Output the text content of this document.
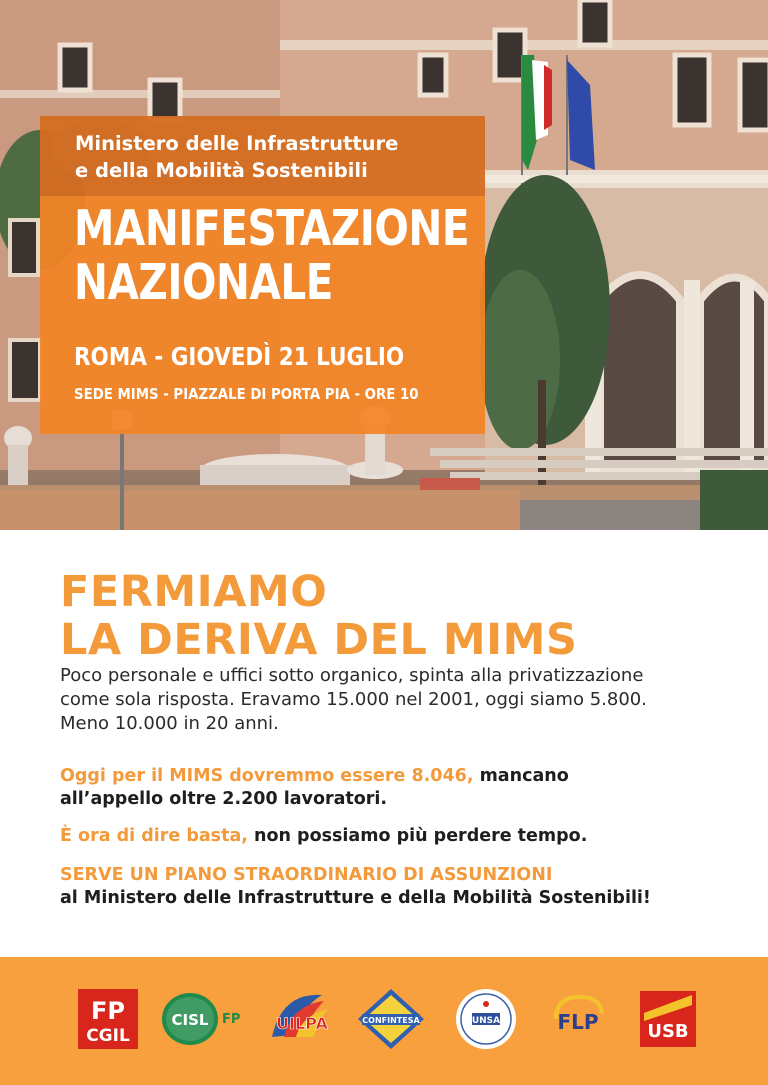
Ministero delle Infrastrutture
e della Mobilità Sostenibili
MANIFESTAZIONE
NAZIONALE
ROMA - GIOVEDÌ 21 LUGLIO
SEDE MIMS - PIAZZALE DI PORTA PIA - ORE 10
FERMIAMO
LA DERIVA DEL MIMS
Poco personale e uffici sotto organico, spinta alla privatizzazione
come sola risposta. Eravamo 15.000 nel 2001, oggi siamo 5.800.
Meno 10.000 in 20 anni.
Oggi per il MIMS dovremmo essere 8.046, mancano
all’appello oltre 2.200 lavoratori.
È ora di dire basta, non possiamo più perdere tempo.
SERVE UN PIANO STRAORDINARIO DI ASSUNZIONI
al Ministero delle Infrastrutture e della Mobilità Sostenibili!
FP
CGIL
CISL FP UILPA	CONFINTESA	UNSA	FLP	USB
